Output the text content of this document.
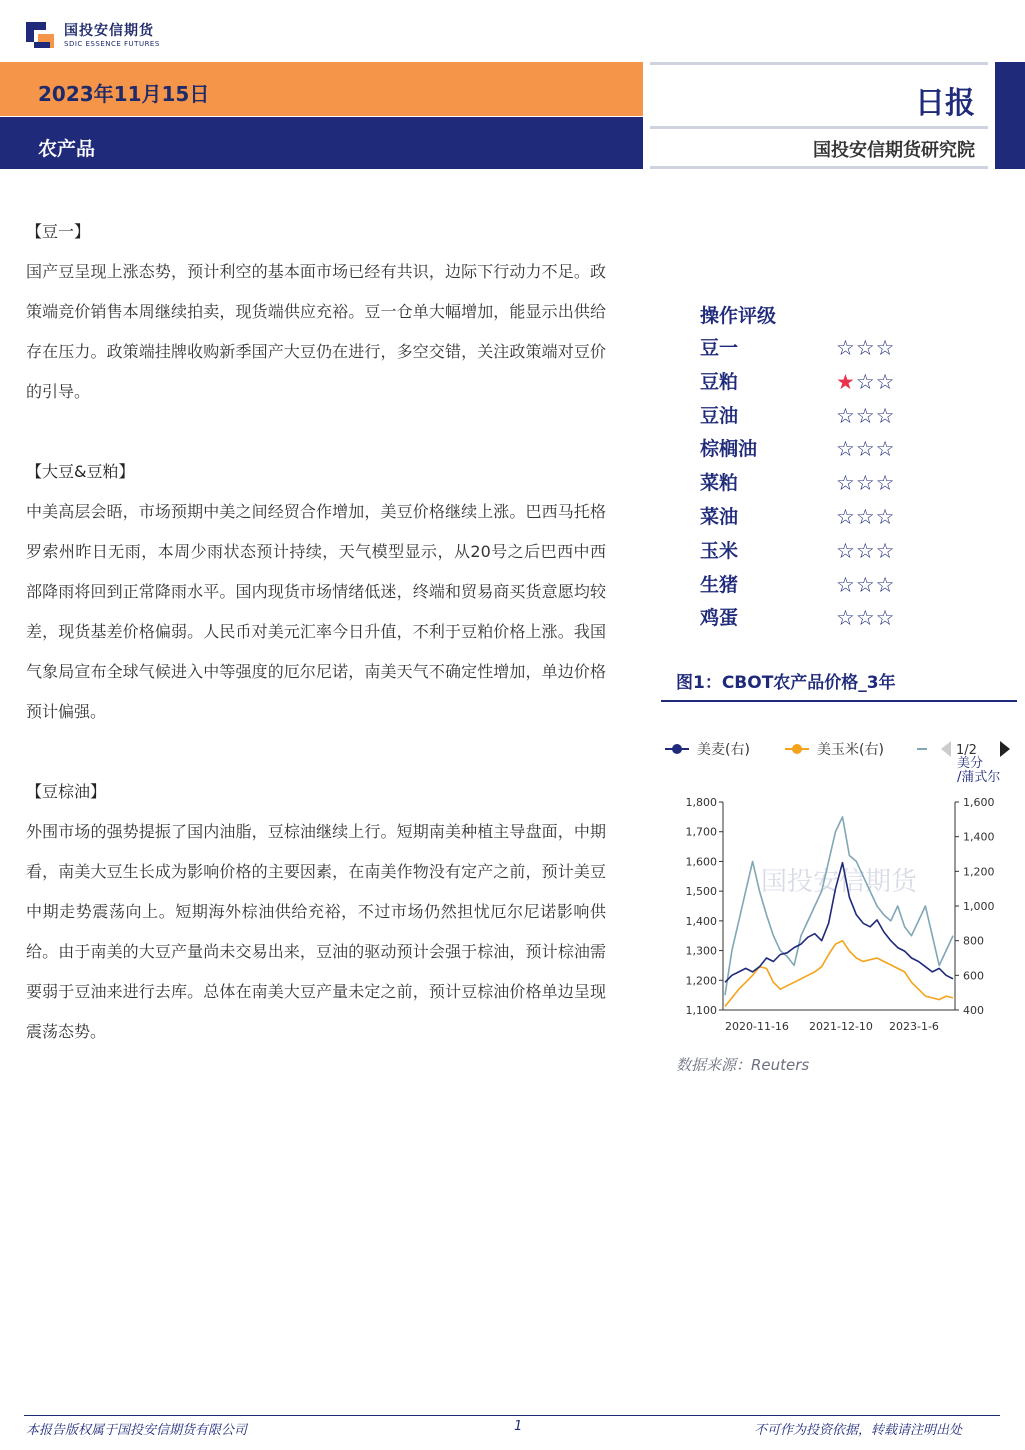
国投安信期货
SDIC ESSENCE FUTURES
2023年11月15日
农产品
日报
国投安信期货研究院
【豆一】

国产豆呈现上涨态势，预计利空的基本面市场已经有共识，边际下行动力不足。政策端竞价销售本周继续拍卖，现货端供应充裕。豆一仓单大幅增加，能显示出供给存在压力。政策端挂牌收购新季国产大豆仍在进行，多空交错，关注政策端对豆价的引导。

【大豆&豆粕】

中美高层会晤，市场预期中美之间经贸合作增加，美豆价格继续上涨。巴西马托格罗索州昨日无雨，本周少雨状态预计持续，天气模型显示，从20号之后巴西中西部降雨将回到正常降雨水平。国内现货市场情绪低迷，终端和贸易商买货意愿均较差，现货基差价格偏弱。人民币对美元汇率今日升值，不利于豆粕价格上涨。我国气象局宣布全球气候进入中等强度的厄尔尼诺，南美天气不确定性增加，单边价格预计偏强。

【豆棕油】

外围市场的强势提振了国内油脂，豆棕油继续上行。短期南美种植主导盘面，中期看，南美大豆生长成为影响价格的主要因素，在南美作物没有定产之前，预计美豆中期走势震荡向上。短期海外棕油供给充裕，不过市场仍然担忧厄尔尼诺影响供给。由于南美的大豆产量尚未交易出来，豆油的驱动预计会强于棕油，预计棕油需要弱于豆油来进行去库。总体在南美大豆产量未定之前，预计豆棕油价格单边呈现震荡态势。

操作评级
豆一	☆☆☆
豆粕	★☆☆
豆油	☆☆☆
棕榈油	☆☆☆
菜粕	☆☆☆
菜油	☆☆☆
玉米	☆☆☆
生猪	☆☆☆
鸡蛋	☆☆☆
图1：CBOT农产品价格_3年
美麦(右)	美玉米(右)	1/2
美分
/蒲式尔
国投安信期货
1,100
1,200
1,300
1,400
1,500
1,600
1,700
1,800
400
600
800
1,000
1,200
1,400
1,600
2020-11-16 2021-12-10 2023-1-6
数据来源：Reuters
本报告版权属于国投安信期货有限公司	1	不可作为投资依据，转载请注明出处
